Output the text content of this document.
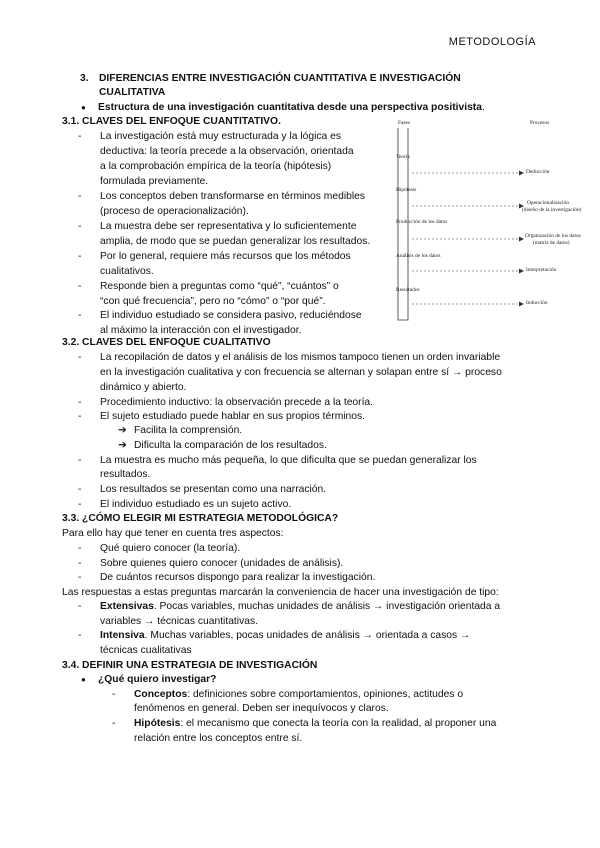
METODOLOGÍA
3. DIFERENCIAS ENTRE INVESTIGACIÓN CUANTITATIVA E INVESTIGACIÓN
CUALITATIVA
● Estructura de una investigación cuantitativa desde una perspectiva positivista.
3.1. CLAVES DEL ENFOQUE CUANTITATIVO.
- La investigación está muy estructurada y la lógica es
deductiva: la teoría precede a la observación, orientada
a la comprobación empírica de la teoría (hipótesis)
formulada previamente.
- Los conceptos deben transformarse en términos medibles
(proceso de operacionalización).
- La muestra debe ser representativa y lo suficientemente
amplia, de modo que se puedan generalizar los resultados.
- Por lo general, requiere más recursos que los métodos
cualitativos.
- Responde bien a preguntas como “qué”, “cuántos” o
“con qué frecuencia”, pero no “cómo” o “por qué”.
- El individuo estudiado se considera pasivo, reduciéndose
al máximo la interacción con el investigador.
Fases	Procesos
Teoría
Hipótesis
Producción de los datos
Análisis de los datos
Resultados
Deducción
Operacionalización
(diseño de la investigación)
Organización de los datos
(matriz de datos)
Interpretación
Inducción
3.2. CLAVES DEL ENFOQUE CUALITATIVO
- La recopilación de datos y el análisis de los mismos tampoco tienen un orden invariable
en la investigación cualitativa y con frecuencia se alternan y solapan entre sí → proceso
dinámico y abierto.
- Procedimiento inductivo: la observación precede a la teoría.
- El sujeto estudiado puede hablar en sus propios términos.
➔ Facilita la comprensión.
➔ Dificulta la comparación de los resultados.
- La muestra es mucho más pequeña, lo que dificulta que se puedan generalizar los
resultados.
- Los resultados se presentan como una narración.
- El individuo estudiado es un sujeto activo.
3.3. ¿CÓMO ELEGIR MI ESTRATEGIA METODOLÓGICA?
Para ello hay que tener en cuenta tres aspectos:
- Qué quiero conocer (la teoría).
- Sobre quienes quiero conocer (unidades de análisis).
- De cuántos recursos dispongo para realizar la investigación.
Las respuestas a estas preguntas marcarán la conveniencia de hacer una investigación de tipo:
- Extensivas. Pocas variables, muchas unidades de análisis → investigación orientada a
variables → técnicas cuantitativas.
- Intensiva. Muchas variables, pocas unidades de análisis → orientada a casos →
técnicas cualitativas
3.4. DEFINIR UNA ESTRATEGIA DE INVESTIGACIÓN
● ¿Qué quiero investigar?
- Conceptos: definiciones sobre comportamientos, opiniones, actitudes o
fenómenos en general. Deben ser inequívocos y claros.
- Hipótesis: el mecanismo que conecta la teoría con la realidad, al proponer una
relación entre los conceptos entre sí.
